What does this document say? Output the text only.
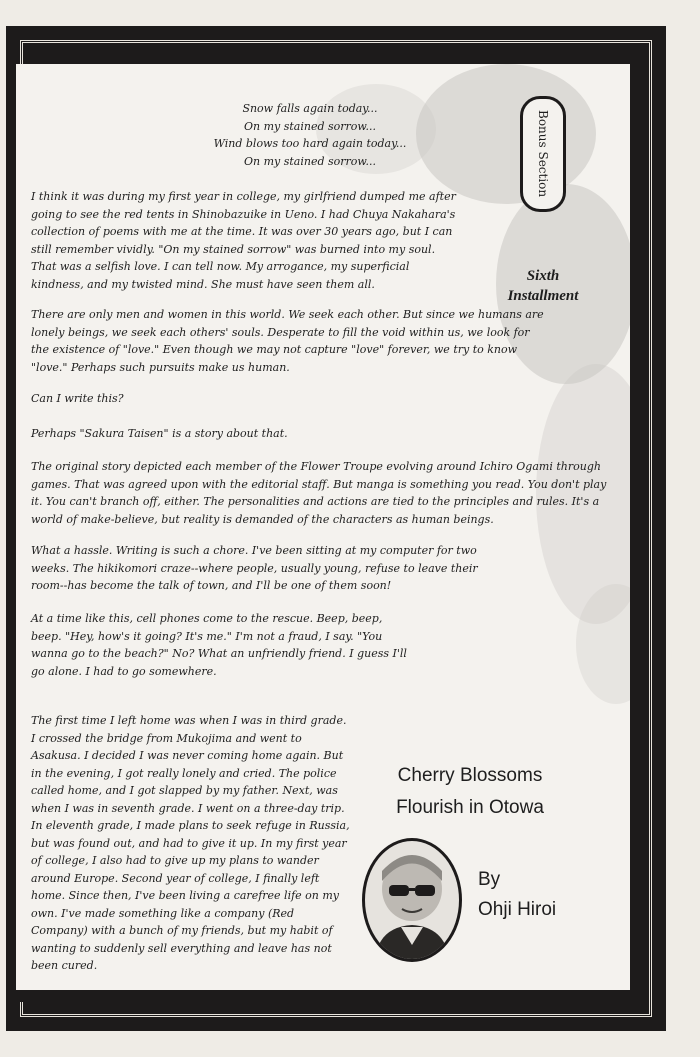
Bonus Section
Sixth
Installment
Snow falls again today...
On my stained sorrow...
Wind blows too hard again today...
On my stained sorrow...
I think it was during my first year in college, my girlfriend dumped me after going to see the red tents in Shinobazuike in Ueno. I had Chuya Nakahara's collection of poems with me at the time. It was over 30 years ago, but I can still remember vividly. "On my stained sorrow" was burned into my soul. That was a selfish love. I can tell now. My arrogance, my superficial kindness, and my twisted mind. She must have seen them all.
There are only men and women in this world. We seek each other. But since we humans are lonely beings, we seek each others' souls. Desperate to fill the void within us, we look for the existence of "love." Even though we may not capture "love" forever, we try to know "love." Perhaps such pursuits make us human.
Can I write this?
Perhaps "Sakura Taisen" is a story about that.
The original story depicted each member of the Flower Troupe evolving around Ichiro Ogami through games. That was agreed upon with the editorial staff. But manga is something you read. You don't play it. You can't branch off, either. The personalities and actions are tied to the principles and rules. It's a world of make-believe, but reality is demanded of the characters as human beings.
What a hassle. Writing is such a chore. I've been sitting at my computer for two weeks. The hikikomori craze--where people, usually young, refuse to leave their room--has become the talk of town, and I'll be one of them soon!
At a time like this, cell phones come to the rescue. Beep, beep, beep. "Hey, how's it going? It's me." I'm not a fraud, I say. "You wanna go to the beach?" No? What an unfriendly friend. I guess I'll go alone. I had to go somewhere.
The first time I left home was when I was in third grade. I crossed the bridge from Mukojima and went to Asakusa. I decided I was never coming home again. But in the evening, I got really lonely and cried. The police called home, and I got slapped by my father. Next, was when I was in seventh grade. I went on a three-day trip. In eleventh grade, I made plans to seek refuge in Russia, but was found out, and had to give it up. In my first year of college, I also had to give up my plans to wander around Europe. Second year of college, I finally left home. Since then, I've been living a carefree life on my own. I've made something like a company (Red Company) with a bunch of my friends, but my habit of wanting to suddenly sell everything and leave has not been cured.
Cherry Blossoms
Flourish in Otowa
By
Ohji Hiroi
